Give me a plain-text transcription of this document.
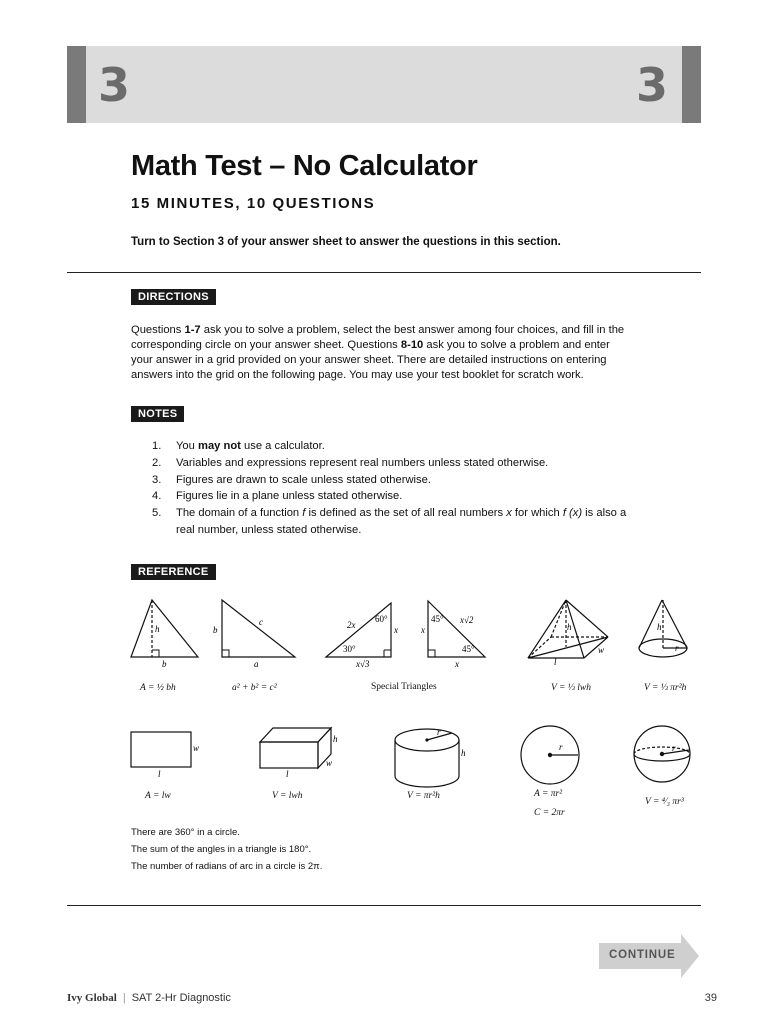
3	3
Math Test – No Calculator
15 MINUTES, 10 QUESTIONS
Turn to Section 3 of your answer sheet to answer the questions in this section.
DIRECTIONS
Questions 1-7 ask you to solve a problem, select the best answer among four choices, and fill in the corresponding circle on your answer sheet. Questions 8-10 ask you to solve a problem and enter your answer in a grid provided on your answer sheet. There are detailed instructions on entering answers into the grid on the following page. You may use your test booklet for scratch work.
NOTES
1. You may not use a calculator.
2. Variables and expressions represent real numbers unless stated otherwise.
3. Figures are drawn to scale unless stated otherwise.
4. Figures lie in a plane unless stated otherwise.
5. The domain of a function f is defined as the set of all real numbers x for which f (x) is also a real number, unless stated otherwise.
REFERENCE
h
b
b
c
a
2x	x
x√3
x
x√2
x
h
w
l
h
r
w
l
h
w
l
r
h
r	r
60°
30°
45°
45°
A = ½ bh	a² + b² = c²	Special Triangles	V = ⅓ lwh	V = ⅓ πr²h
A = lw	V = lwh	V = πr²h	A = πr²
C = 2πr
V = ⁴⁄₃ πr³
There are 360° in a circle.
The sum of the angles in a triangle is 180°.
The number of radians of arc in a circle is 2π.
CONTINUE
Ivy Global | SAT 2-Hr Diagnostic	39
